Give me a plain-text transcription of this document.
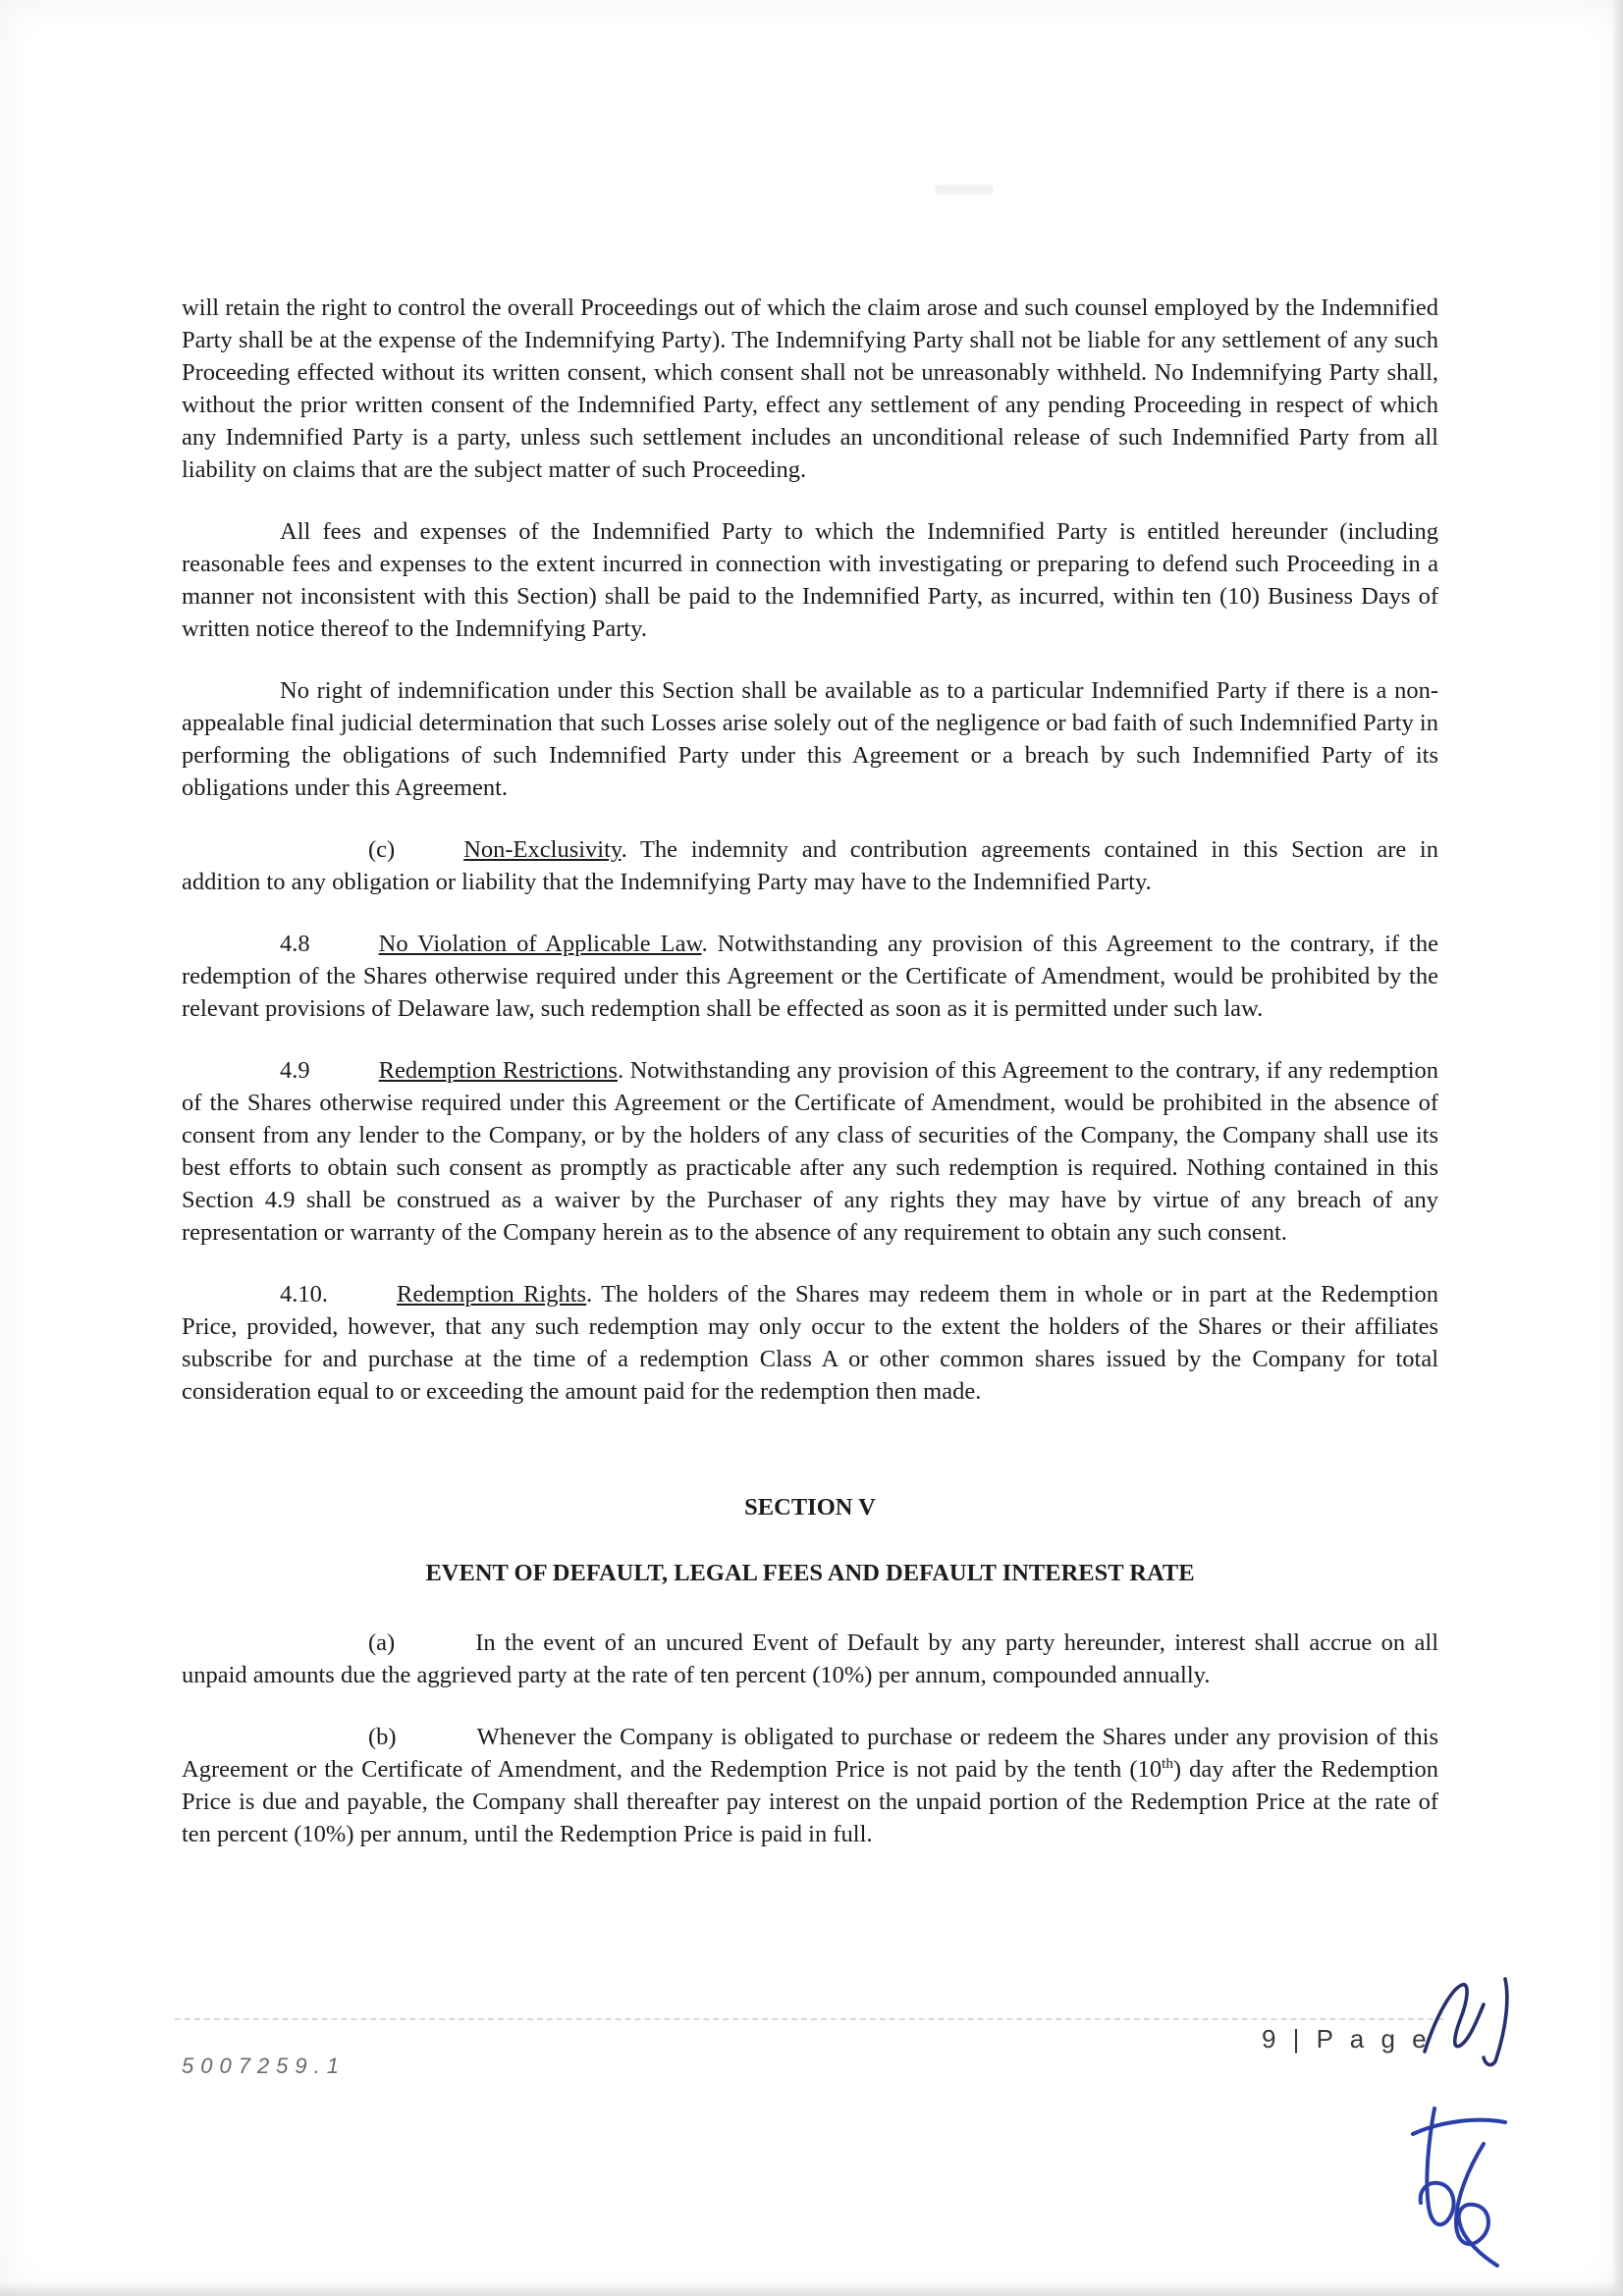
will retain the right to control the overall Proceedings out of which the claim arose and such counsel employed by the Indemnified Party shall be at the expense of the Indemnifying Party). The Indemnifying Party shall not be liable for any settlement of any such Proceeding effected without its written consent, which consent shall not be unreasonably withheld. No Indemnifying Party shall, without the prior written consent of the Indemnified Party, effect any settlement of any pending Proceeding in respect of which any Indemnified Party is a party, unless such settlement includes an unconditional release of such Indemnified Party from all liability on claims that are the subject matter of such Proceeding.

All fees and expenses of the Indemnified Party to which the Indemnified Party is entitled hereunder (including reasonable fees and expenses to the extent incurred in connection with investigating or preparing to defend such Proceeding in a manner not inconsistent with this Section) shall be paid to the Indemnified Party, as incurred, within ten (10) Business Days of written notice thereof to the Indemnifying Party.

No right of indemnification under this Section shall be available as to a particular Indemnified Party if there is a non-appealable final judicial determination that such Losses arise solely out of the negligence or bad faith of such Indemnified Party in performing the obligations of such Indemnified Party under this Agreement or a breach by such Indemnified Party of its obligations under this Agreement.

(c)	Non-Exclusivity. The indemnity and contribution agreements contained in this Section are in addition to any obligation or liability that the Indemnifying Party may have to the Indemnified Party.

4.8	No Violation of Applicable Law. Notwithstanding any provision of this Agreement to the contrary, if the redemption of the Shares otherwise required under this Agreement or the Certificate of Amendment, would be prohibited by the relevant provisions of Delaware law, such redemption shall be effected as soon as it is permitted under such law.

4.9	Redemption Restrictions. Notwithstanding any provision of this Agreement to the contrary, if any redemption of the Shares otherwise required under this Agreement or the Certificate of Amendment, would be prohibited in the absence of consent from any lender to the Company, or by the holders of any class of securities of the Company, the Company shall use its best efforts to obtain such consent as promptly as practicable after any such redemption is required. Nothing contained in this Section 4.9 shall be construed as a waiver by the Purchaser of any rights they may have by virtue of any breach of any representation or warranty of the Company herein as to the absence of any requirement to obtain any such consent.

4.10.	Redemption Rights. The holders of the Shares may redeem them in whole or in part at the Redemption Price, provided, however, that any such redemption may only occur to the extent the holders of the Shares or their affiliates subscribe for and purchase at the time of a redemption Class A or other common shares issued by the Company for total consideration equal to or exceeding the amount paid for the redemption then made.

SECTION V

EVENT OF DEFAULT, LEGAL FEES AND DEFAULT INTEREST RATE

(a)	In the event of an uncured Event of Default by any party hereunder, interest shall accrue on all unpaid amounts due the aggrieved party at the rate of ten percent (10%) per annum, compounded annually.

(b)	Whenever the Company is obligated to purchase or redeem the Shares under any provision of this Agreement or the Certificate of Amendment, and the Redemption Price is not paid by the tenth (10th) day after the Redemption Price is due and payable, the Company shall thereafter pay interest on the unpaid portion of the Redemption Price at the rate of ten percent (10%) per annum, until the Redemption Price is paid in full.

5007259.1
9 | P a g e
